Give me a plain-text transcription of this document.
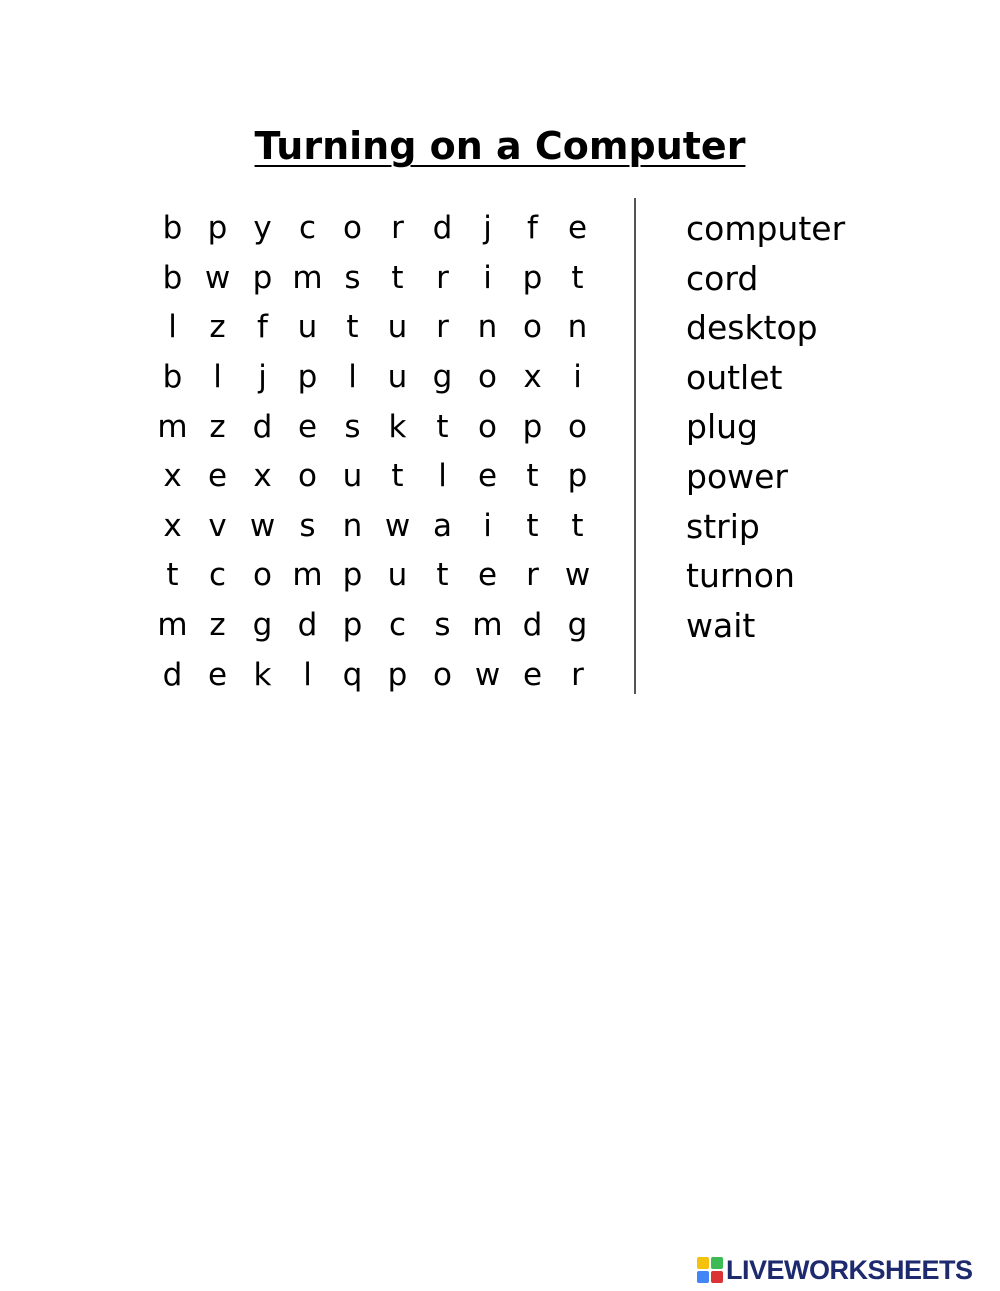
Turning on a Computer
b p y c o r d j	f e
b w p m s t	r	i p t
l	z	f u t u r n o n
b l	j p l u g o x	i
m z d e s k t o p o
x e x o u t	l	e t p
x v w s n w a	i	t	t
t c o m p u t e r w
m z g d p c s m d g
d e k	l q p o w e r
computer
cord
desktop
outlet
plug
power
strip
turnon
wait
LIVEWORKSHEETS
